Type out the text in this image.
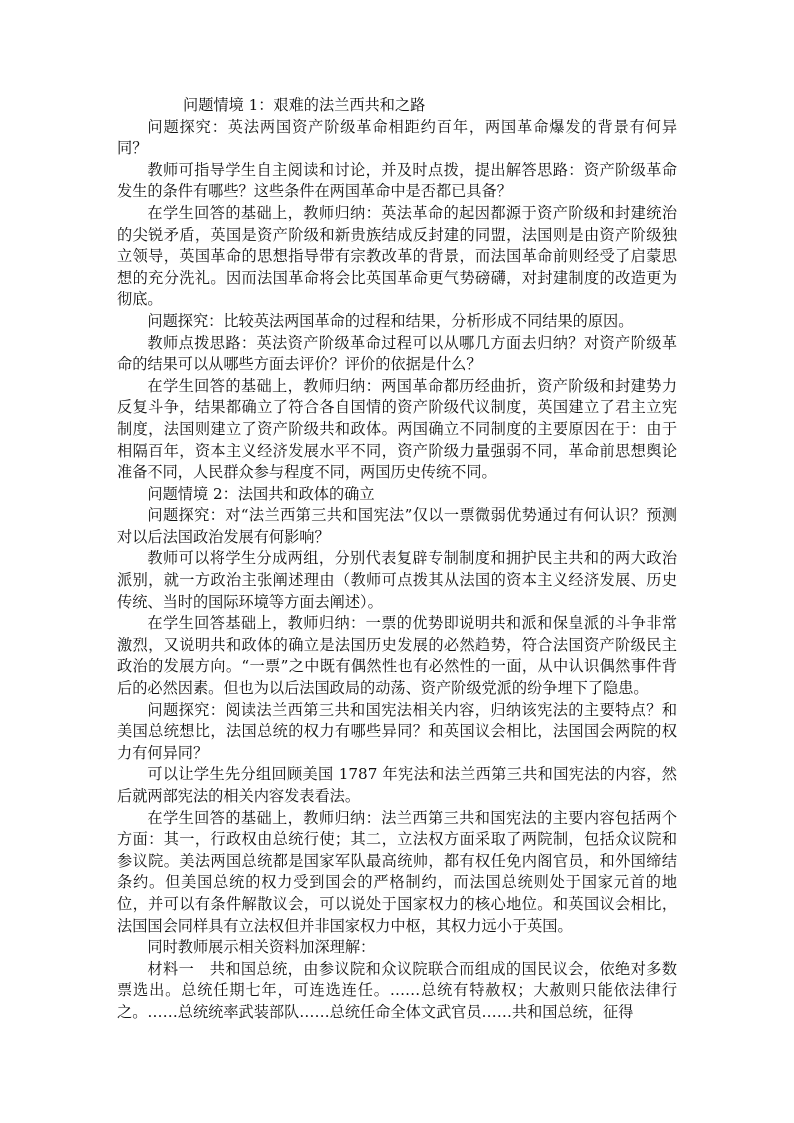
问题情境 1：艰难的法兰西共和之路

问题探究：英法两国资产阶级革命相距约百年，两国革命爆发的背景有何异同？

教师可指导学生自主阅读和讨论，并及时点拨，提出解答思路：资产阶级革命发生的条件有哪些？这些条件在两国革命中是否都已具备？

在学生回答的基础上，教师归纳：英法革命的起因都源于资产阶级和封建统治的尖锐矛盾，英国是资产阶级和新贵族结成反封建的同盟，法国则是由资产阶级独立领导，英国革命的思想指导带有宗教改革的背景，而法国革命前则经受了启蒙思想的充分洗礼。因而法国革命将会比英国革命更气势磅礴，对封建制度的改造更为彻底。

问题探究：比较英法两国革命的过程和结果，分析形成不同结果的原因。

教师点拨思路：英法资产阶级革命过程可以从哪几方面去归纳？对资产阶级革命的结果可以从哪些方面去评价？评价的依据是什么？

在学生回答的基础上，教师归纳：两国革命都历经曲折，资产阶级和封建势力反复斗争，结果都确立了符合各自国情的资产阶级代议制度，英国建立了君主立宪制度，法国则建立了资产阶级共和政体。两国确立不同制度的主要原因在于：由于相隔百年，资本主义经济发展水平不同，资产阶级力量强弱不同，革命前思想舆论准备不同，人民群众参与程度不同，两国历史传统不同。

问题情境 2：法国共和政体的确立

问题探究：对“法兰西第三共和国宪法”仅以一票微弱优势通过有何认识？预测对以后法国政治发展有何影响？

教师可以将学生分成两组，分别代表复辟专制制度和拥护民主共和的两大政治派别，就一方政治主张阐述理由（教师可点拨其从法国的资本主义经济发展、历史传统、当时的国际环境等方面去阐述）。

在学生回答基础上，教师归纳：一票的优势即说明共和派和保皇派的斗争非常激烈，又说明共和政体的确立是法国历史发展的必然趋势，符合法国资产阶级民主政治的发展方向。“一票”之中既有偶然性也有必然性的一面，从中认识偶然事件背后的必然因素。但也为以后法国政局的动荡、资产阶级党派的纷争埋下了隐患。

问题探究：阅读法兰西第三共和国宪法相关内容，归纳该宪法的主要特点？和美国总统想比，法国总统的权力有哪些异同？和英国议会相比，法国国会两院的权力有何异同？

可以让学生先分组回顾美国 1787 年宪法和法兰西第三共和国宪法的内容，然后就两部宪法的相关内容发表看法。

在学生回答的基础上，教师归纳：法兰西第三共和国宪法的主要内容包括两个方面：其一，行政权由总统行使；其二，立法权方面采取了两院制，包括众议院和参议院。美法两国总统都是国家军队最高统帅，都有权任免内阁官员，和外国缔结条约。但美国总统的权力受到国会的严格制约，而法国总统则处于国家元首的地位，并可以有条件解散议会，可以说处于国家权力的核心地位。和英国议会相比，法国国会同样具有立法权但并非国家权力中枢，其权力远小于英国。

同时教师展示相关资料加深理解：

材料一　共和国总统，由参议院和众议院联合而组成的国民议会，依绝对多数票选出。总统任期七年，可连选连任。……总统有特赦权；大赦则只能依法律行之。……总统统率武装部队……总统任命全体文武官员……共和国总统，征得
